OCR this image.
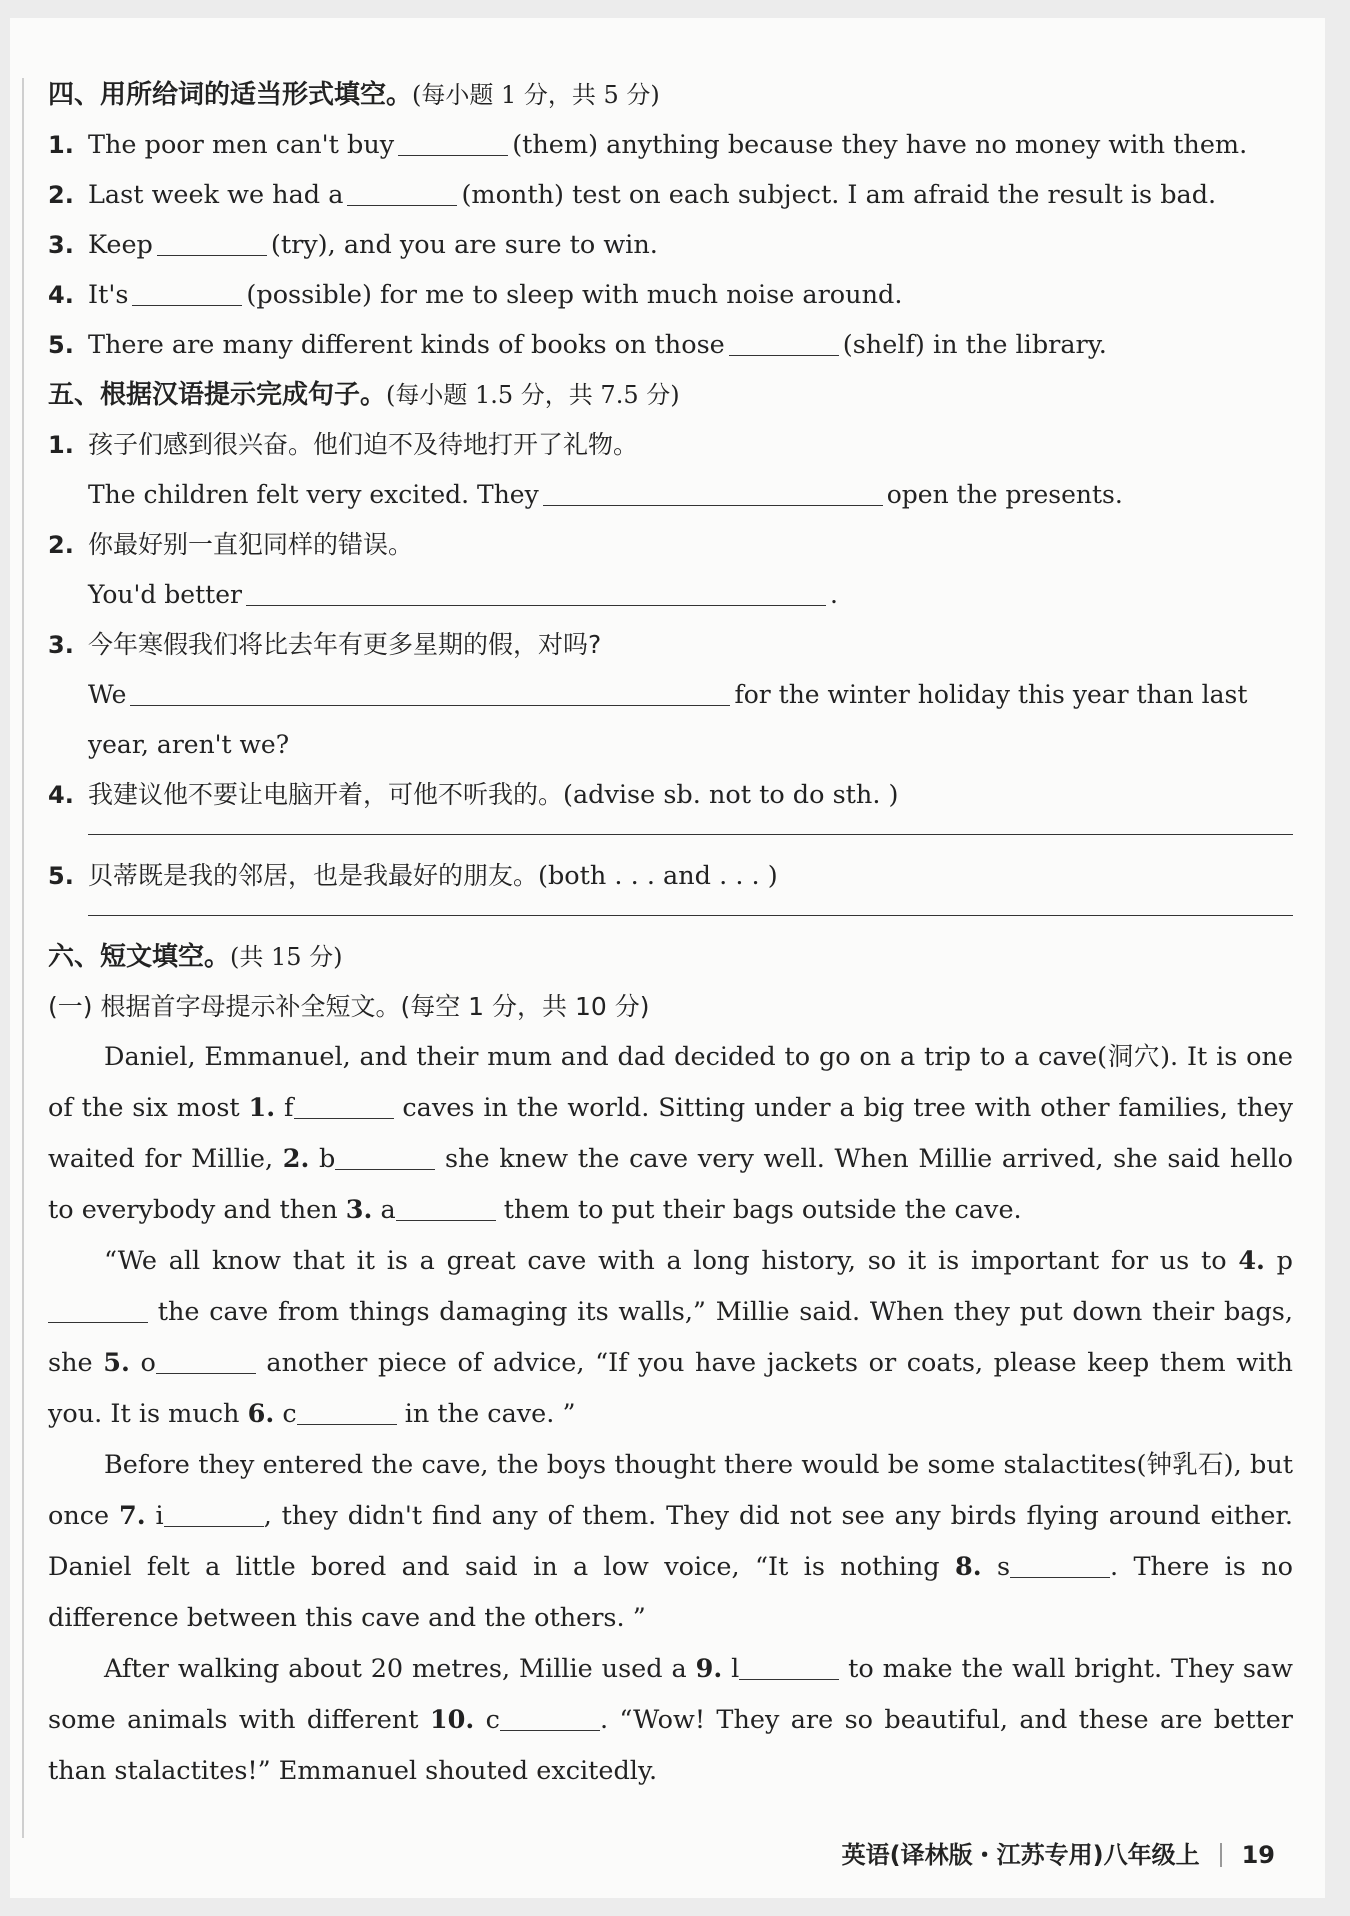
四、用所给词的适当形式填空。(每小题 1 分，共 5 分)
1. The poor men can't buy	(them) anything because they have no money with them.
2. Last week we had a	(month) test on each subject. I am afraid the result is bad.
3. Keep	(try), and you are sure to win.
4. It's	(possible) for me to sleep with much noise around.
5. There are many different kinds of books on those	(shelf) in the library.
五、根据汉语提示完成句子。(每小题 1.5 分，共 7.5 分)
1. 孩子们感到很兴奋。他们迫不及待地打开了礼物。
The children felt very excited. They	open the presents.
2. 你最好别一直犯同样的错误。
You'd better	.
3. 今年寒假我们将比去年有更多星期的假，对吗?
We	for the winter holiday this year than last
year, aren't we?
4. 我建议他不要让电脑开着，可他不听我的。(advise sb. not to do sth. )
5. 贝蒂既是我的邻居，也是我最好的朋友。(both . . . and . . . )
六、短文填空。(共 15 分)
(一) 根据首字母提示补全短文。(每空 1 分，共 10 分)

Daniel, Emmanuel, and their mum and dad decided to go on a trip to a cave(洞穴). It is one of the six most 1. f	caves in the world. Sitting under a big tree with other families, they waited for Millie, 2. b	she knew the cave very well. When Millie arrived, she said hello to everybody and then 3. a	them to put their bags outside the cave.

“We all know that it is a great cave with a long history, so it is important for us to 4. p the cave from things damaging its walls,” Millie said. When they put down their bags, she 5. o	another piece of advice, “If you have jackets or coats, please keep them with you. It is much 6. c	in the cave. ”

Before they entered the cave, the boys thought there would be some stalactites(钟乳石), but once 7. i	, they didn't find any of them. They did not see any birds flying around either. Daniel felt a little bored and said in a low voice, “It is nothing 8. s	. There is no difference between this cave and the others. ”

After walking about 20 metres, Millie used a 9. l	to make the wall bright. They saw some animals with different 10. c	. “Wow! They are so beautiful, and these are better than stalactites!” Emmanuel shouted excitedly.

英语(译林版・江苏专用)八年级上 19
